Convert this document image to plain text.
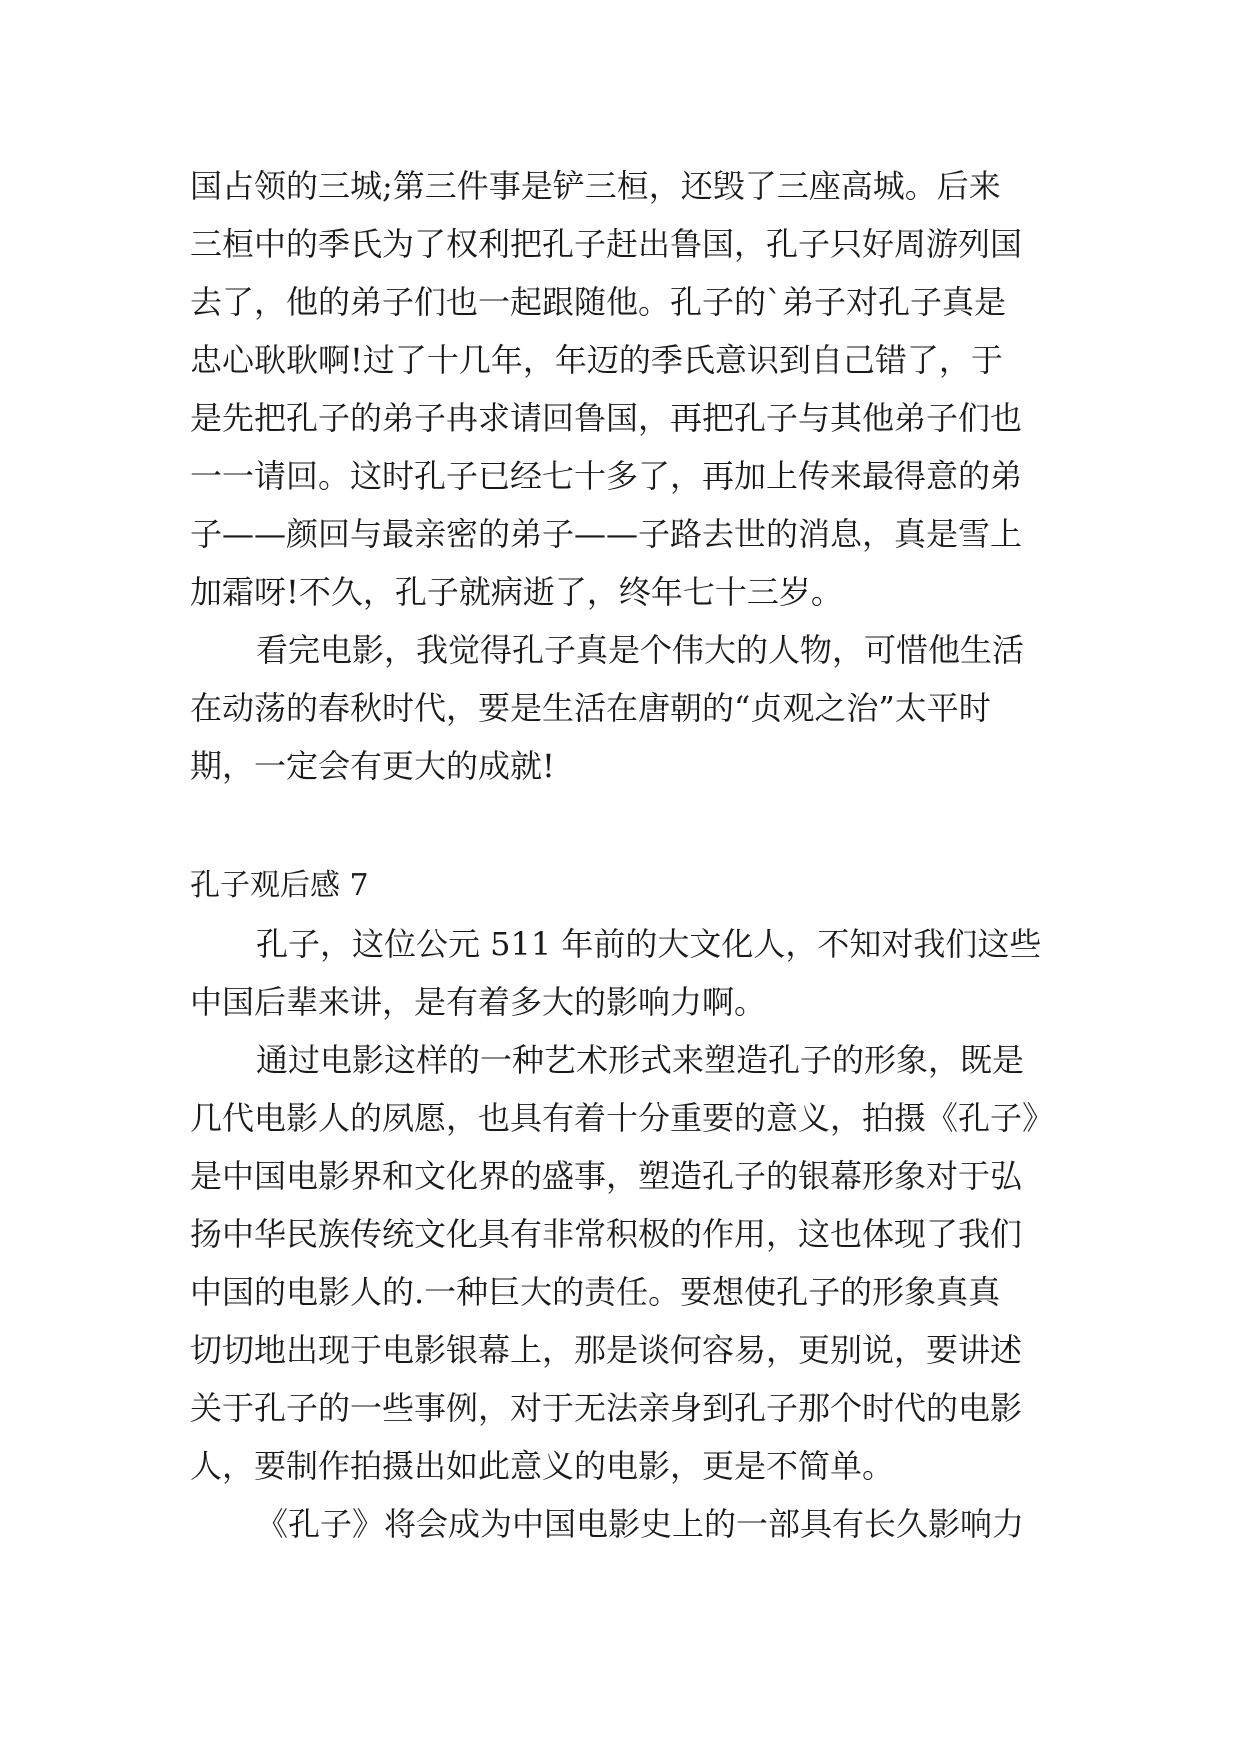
国占领的三城;第三件事是铲三桓，还毁了三座高城。后来
三桓中的季氏为了权利把孔子赶出鲁国，孔子只好周游列国
去了，他的弟子们也一起跟随他。孔子的`弟子对孔子真是
忠心耿耿啊!过了十几年，年迈的季氏意识到自己错了，于
是先把孔子的弟子冉求请回鲁国，再把孔子与其他弟子们也
一一请回。这时孔子已经七十多了，再加上传来最得意的弟
子——颜回与最亲密的弟子——子路去世的消息，真是雪上
加霜呀!不久，孔子就病逝了，终年七十三岁。
看完电影，我觉得孔子真是个伟大的人物，可惜他生活
在动荡的春秋时代，要是生活在唐朝的“贞观之治”太平时
期，一定会有更大的成就!
孔子观后感 7
孔子，这位公元 511 年前的大文化人，不知对我们这些
中国后辈来讲，是有着多大的影响力啊。
通过电影这样的一种艺术形式来塑造孔子的形象，既是
几代电影人的夙愿，也具有着十分重要的意义，拍摄《孔子》
是中国电影界和文化界的盛事，塑造孔子的银幕形象对于弘
扬中华民族传统文化具有非常积极的作用，这也体现了我们
中国的电影人的.一种巨大的责任。要想使孔子的形象真真
切切地出现于电影银幕上，那是谈何容易，更别说，要讲述
关于孔子的一些事例，对于无法亲身到孔子那个时代的电影
人，要制作拍摄出如此意义的电影，更是不简单。
《孔子》将会成为中国电影史上的一部具有长久影响力
